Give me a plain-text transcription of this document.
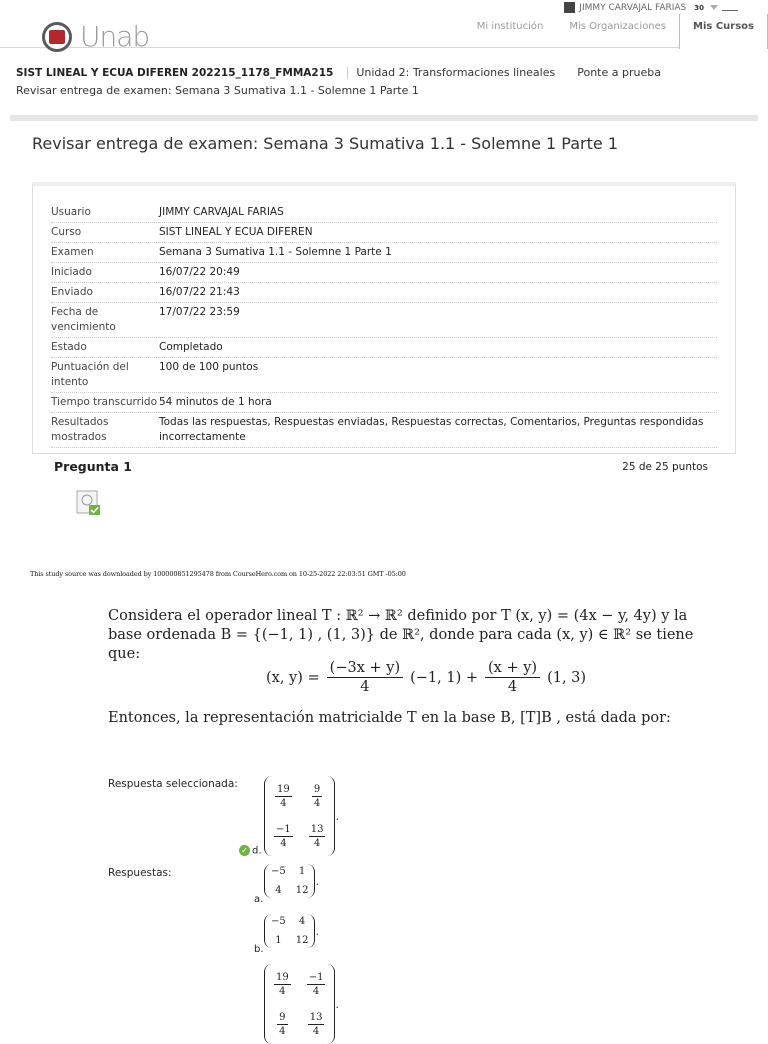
JIMMY CARVAJAL FARIAS 30
Unab	Mi institución	Mis Organizaciones	Mis Cursos
SIST LINEAL Y ECUA DIFEREN 202215_1178_FMMA215	Unidad 2: Transformaciones lineales	Ponte a prueba
Revisar entrega de examen: Semana 3 Sumativa 1.1 - Solemne 1 Parte 1
Revisar entrega de examen: Semana 3 Sumativa 1.1 - Solemne 1 Parte 1
Usuario	JIMMY CARVAJAL FARIAS
Curso	SIST LINEAL Y ECUA DIFEREN
Examen	Semana 3 Sumativa 1.1 - Solemne 1 Parte 1
Iniciado	16/07/22 20:49
Enviado	16/07/22 21:43
Fecha de vencimiento	17/07/22 23:59
Estado	Completado
Puntuación del intento	100 de 100 puntos
Tiempo transcurrido	54 minutos de 1 hora
Resultados mostrados	Todas las respuestas, Respuestas enviadas, Respuestas correctas, Comentarios, Preguntas respondidas incorrectamente
Pregunta 1	25 de 25 puntos
This study source was downloaded by 100000851295478 from CourseHero.com on 10-25-2022 22:03:51 GMT -05:00
Considera el operador lineal T : ℝ² → ℝ² definido por T (x, y) = (4x − y, 4y) y la base ordenada B = {(−1, 1) , (1, 3)} de ℝ², donde para cada (x, y) ∈ ℝ² se tiene que:
(x, $y) = \frac{(-3x + y)}{4} (-1$, $1) + \frac{(x + y)}{4} (1$, 3)
Entonces, la representación matricialde T en la base B, [T]B , está dada por:
Respuesta seleccionada:
✓ d.
$\frac{19}{4} \frac{9}{4}$
$\frac{-1}{4} \frac{13}{4}$
.
Respuestas:
a.
−5	1
4	12
.
b.
−5	4
1	12
.
$\frac{19}{4} \frac{-1}{4}$
$\frac{9}{4} \frac{13}{4}$
.
